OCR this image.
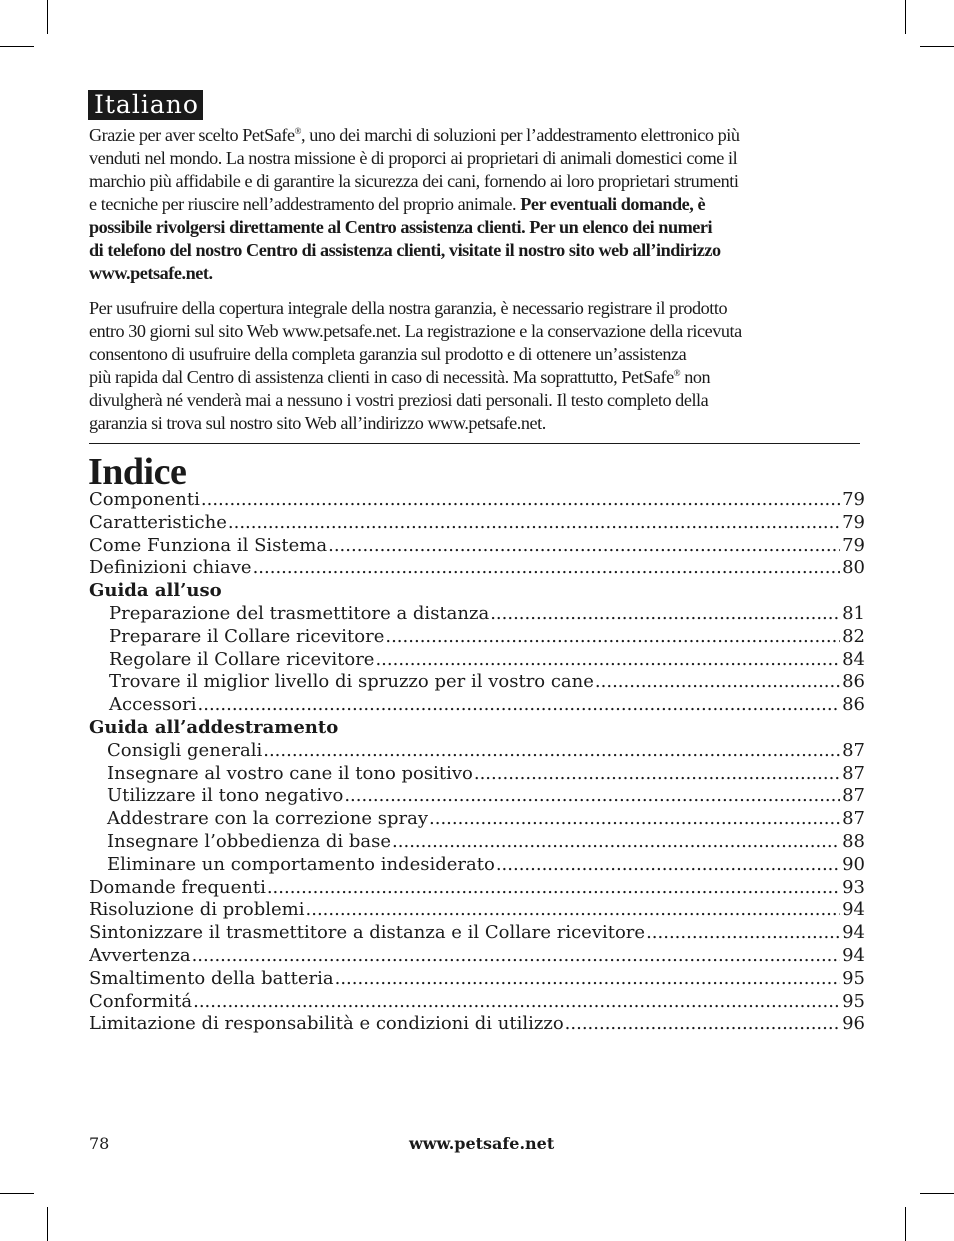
Italiano

Grazie per aver scelto PetSafe®, uno dei marchi di soluzioni per l’addestramento elettronico più
venduti nel mondo. La nostra missione è di proporci ai proprietari di animali domestici come il
marchio più affidabile e di garantire la sicurezza dei cani, fornendo ai loro proprietari strumenti
e tecniche per riuscire nell’addestramento del proprio animale. Per eventuali domande, è
possibile rivolgersi direttamente al Centro assistenza clienti. Per un elenco dei numeri
di telefono del nostro Centro di assistenza clienti, visitate il nostro sito web all’indirizzo
www.petsafe.net.

Per usufruire della copertura integrale della nostra garanzia, è necessario registrare il prodotto
entro 30 giorni sul sito Web www.petsafe.net. La registrazione e la conservazione della ricevuta
consentono di usufruire della completa garanzia sul prodotto e di ottenere un’assistenza
più rapida dal Centro di assistenza clienti in caso di necessità. Ma soprattutto, PetSafe® non
divulgherà né venderà mai a nessuno i vostri preziosi dati personali. Il testo completo della
garanzia si trova sul nostro sito Web all’indirizzo www.petsafe.net.

Indice
Componenti .....	79
Caratteristiche .....	79
Come Funziona il Sistema .....	79
Definizioni chiave .....	80
Guida all’uso
Preparazione del trasmettitore a distanza .....	81
Preparare il Collare ricevitore .....	82
Regolare il Collare ricevitore .....	84
Trovare il miglior livello di spruzzo per il vostro cane .....	86
Accessori .....	86
Guida all’addestramento
Consigli generali .....	87
Insegnare al vostro cane il tono positivo .....	87
Utilizzare il tono negativo .....	87
Addestrare con la correzione spray .....	87
Insegnare l’obbedienza di base .....	88
Eliminare un comportamento indesiderato .....	90
Domande frequenti .....	93
Risoluzione di problemi .....	94
Sintonizzare il trasmettitore a distanza e il Collare ricevitore .....	94
Avvertenza .....	94
Smaltimento della batteria .....	95
Conformitá .....	95
Limitazione di responsabilità e condizioni di utilizzo .....	96
78	www.petsafe.net
